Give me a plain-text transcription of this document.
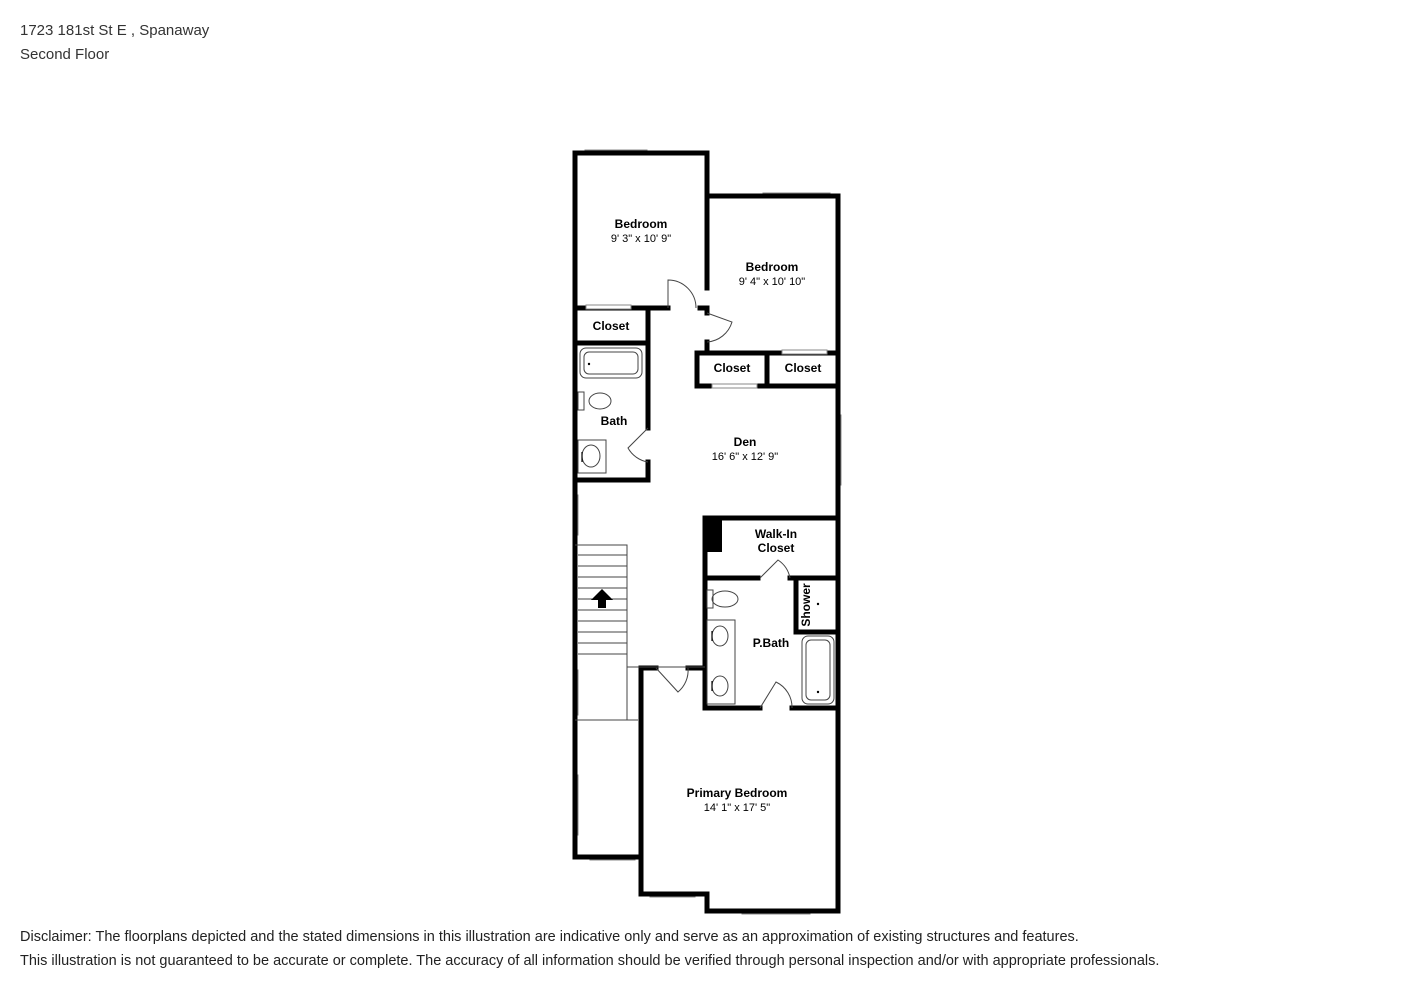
1723 181st St E , Spanaway
Second Floor
Bedroom
9' 3" x 10' 9"
Bedroom
9' 4" x 10' 10"
Closet
Closet	Closet
Bath
Den
16' 6" x 12' 9"
Walk-In
Closet
Shower
P.Bath
Primary Bedroom
14' 1" x 17' 5"
Disclaimer: The floorplans depicted and the stated dimensions in this illustration are indicative only and serve as an approximation of existing structures and features.
This illustration is not guaranteed to be accurate or complete. The accuracy of all information should be verified through personal inspection and/or with appropriate professionals.
